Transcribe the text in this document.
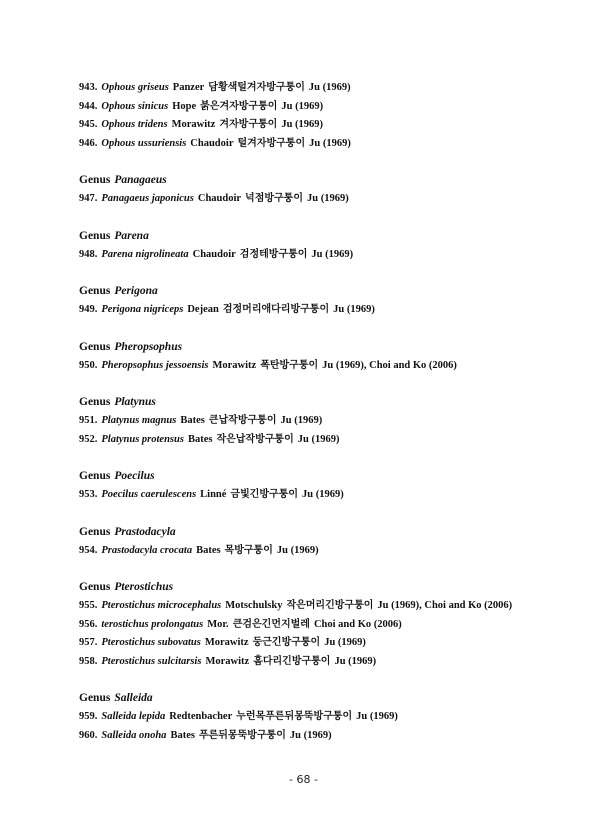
943. Ophous griseus Panzer 담황색털겨자방구퉁이 Ju (1969)
944. Ophous sinicus Hope 붉은겨자방구퉁이 Ju (1969)
945. Ophous tridens Morawitz 겨자방구퉁이 Ju (1969)
946. Ophous ussuriensis Chaudoir 털겨자방구퉁이 Ju (1969)
Genus Panagaeus
947. Panagaeus japonicus Chaudoir 넉점방구퉁이 Ju (1969)
Genus Parena
948. Parena nigrolineata Chaudoir 검정테방구퉁이 Ju (1969)
Genus Perigona
949. Perigona nigriceps Dejean 검정머리애다리방구퉁이 Ju (1969)
Genus Pheropsophus
950. Pheropsophus jessoensis Morawitz 폭탄방구퉁이 Ju (1969), Choi and Ko (2006)
Genus Platynus
951. Platynus magnus Bates 큰납작방구퉁이 Ju (1969)
952. Platynus protensus Bates 작은납작방구퉁이 Ju (1969)
Genus Poecilus
953. Poecilus caerulescens Linné 금빛긴방구퉁이 Ju (1969)
Genus Prastodacyla
954. Prastodacyla crocata Bates 목방구퉁이 Ju (1969)
Genus Pterostichus
955. Pterostichus microcephalus Motschulsky 작은머리긴방구퉁이 Ju (1969), Choi and Ko (2006)
956. terostichus prolongatus Mor. 큰검은긴먼지벌레 Choi and Ko (2006)
957. Pterostichus subovatus Morawitz 둥근긴방구퉁이 Ju (1969)
958. Pterostichus sulcitarsis Morawitz 홈다리긴방구퉁이 Ju (1969)
Genus Salleida
959. Salleida lepida Redtenbacher 누런목푸른뒤몽뚝방구퉁이 Ju (1969)
960. Salleida onoha Bates 푸른뒤몽뚝방구퉁이 Ju (1969)
- 68 -
